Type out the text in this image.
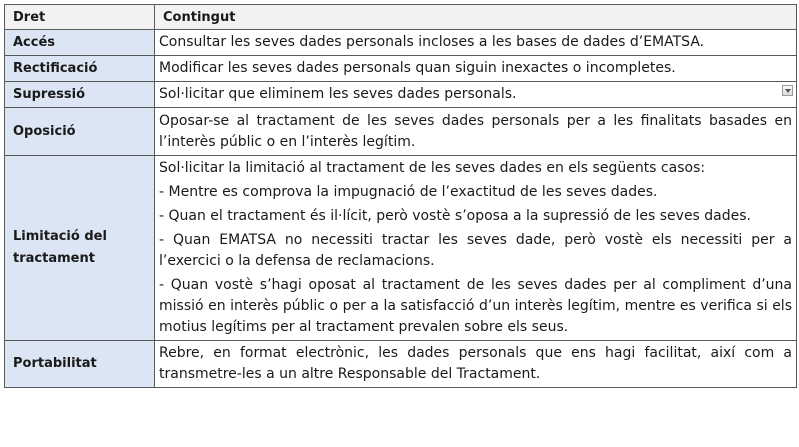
Dret	Contingut
Accés	Consultar les seves dades personals incloses a les bases de dades d’EMATSA.

Rectificació	Modificar les seves dades personals quan siguin inexactes o incompletes.

Supressió	Sol·licitar que eliminem les seves dades personals.

Oposició	Oposar-se al tractament de les seves dades personals per a les finalitats basades en l’interès públic o en l’interès legítim.

Limitació del tractament	Sol·licitar la limitació al tractament de les seves dades en els següents casos:

- Mentre es comprova la impugnació de l’exactitud de les seves dades.

- Quan el tractament és il·lícit, però vostè s’oposa a la supressió de les seves dades.

- Quan EMATSA no necessiti tractar les seves dade, però vostè els necessiti per a l’exercici o la defensa de reclamacions.

- Quan vostè s’hagi oposat al tractament de les seves dades per al compliment d’una missió en interès públic o per a la satisfacció d’un interès legítim, mentre es verifica si els motius legítims per al tractament prevalen sobre els seus.

Portabilitat	Rebre, en format electrònic, les dades personals que ens hagi facilitat, així com a transmetre-les a un altre Responsable del Tractament.
